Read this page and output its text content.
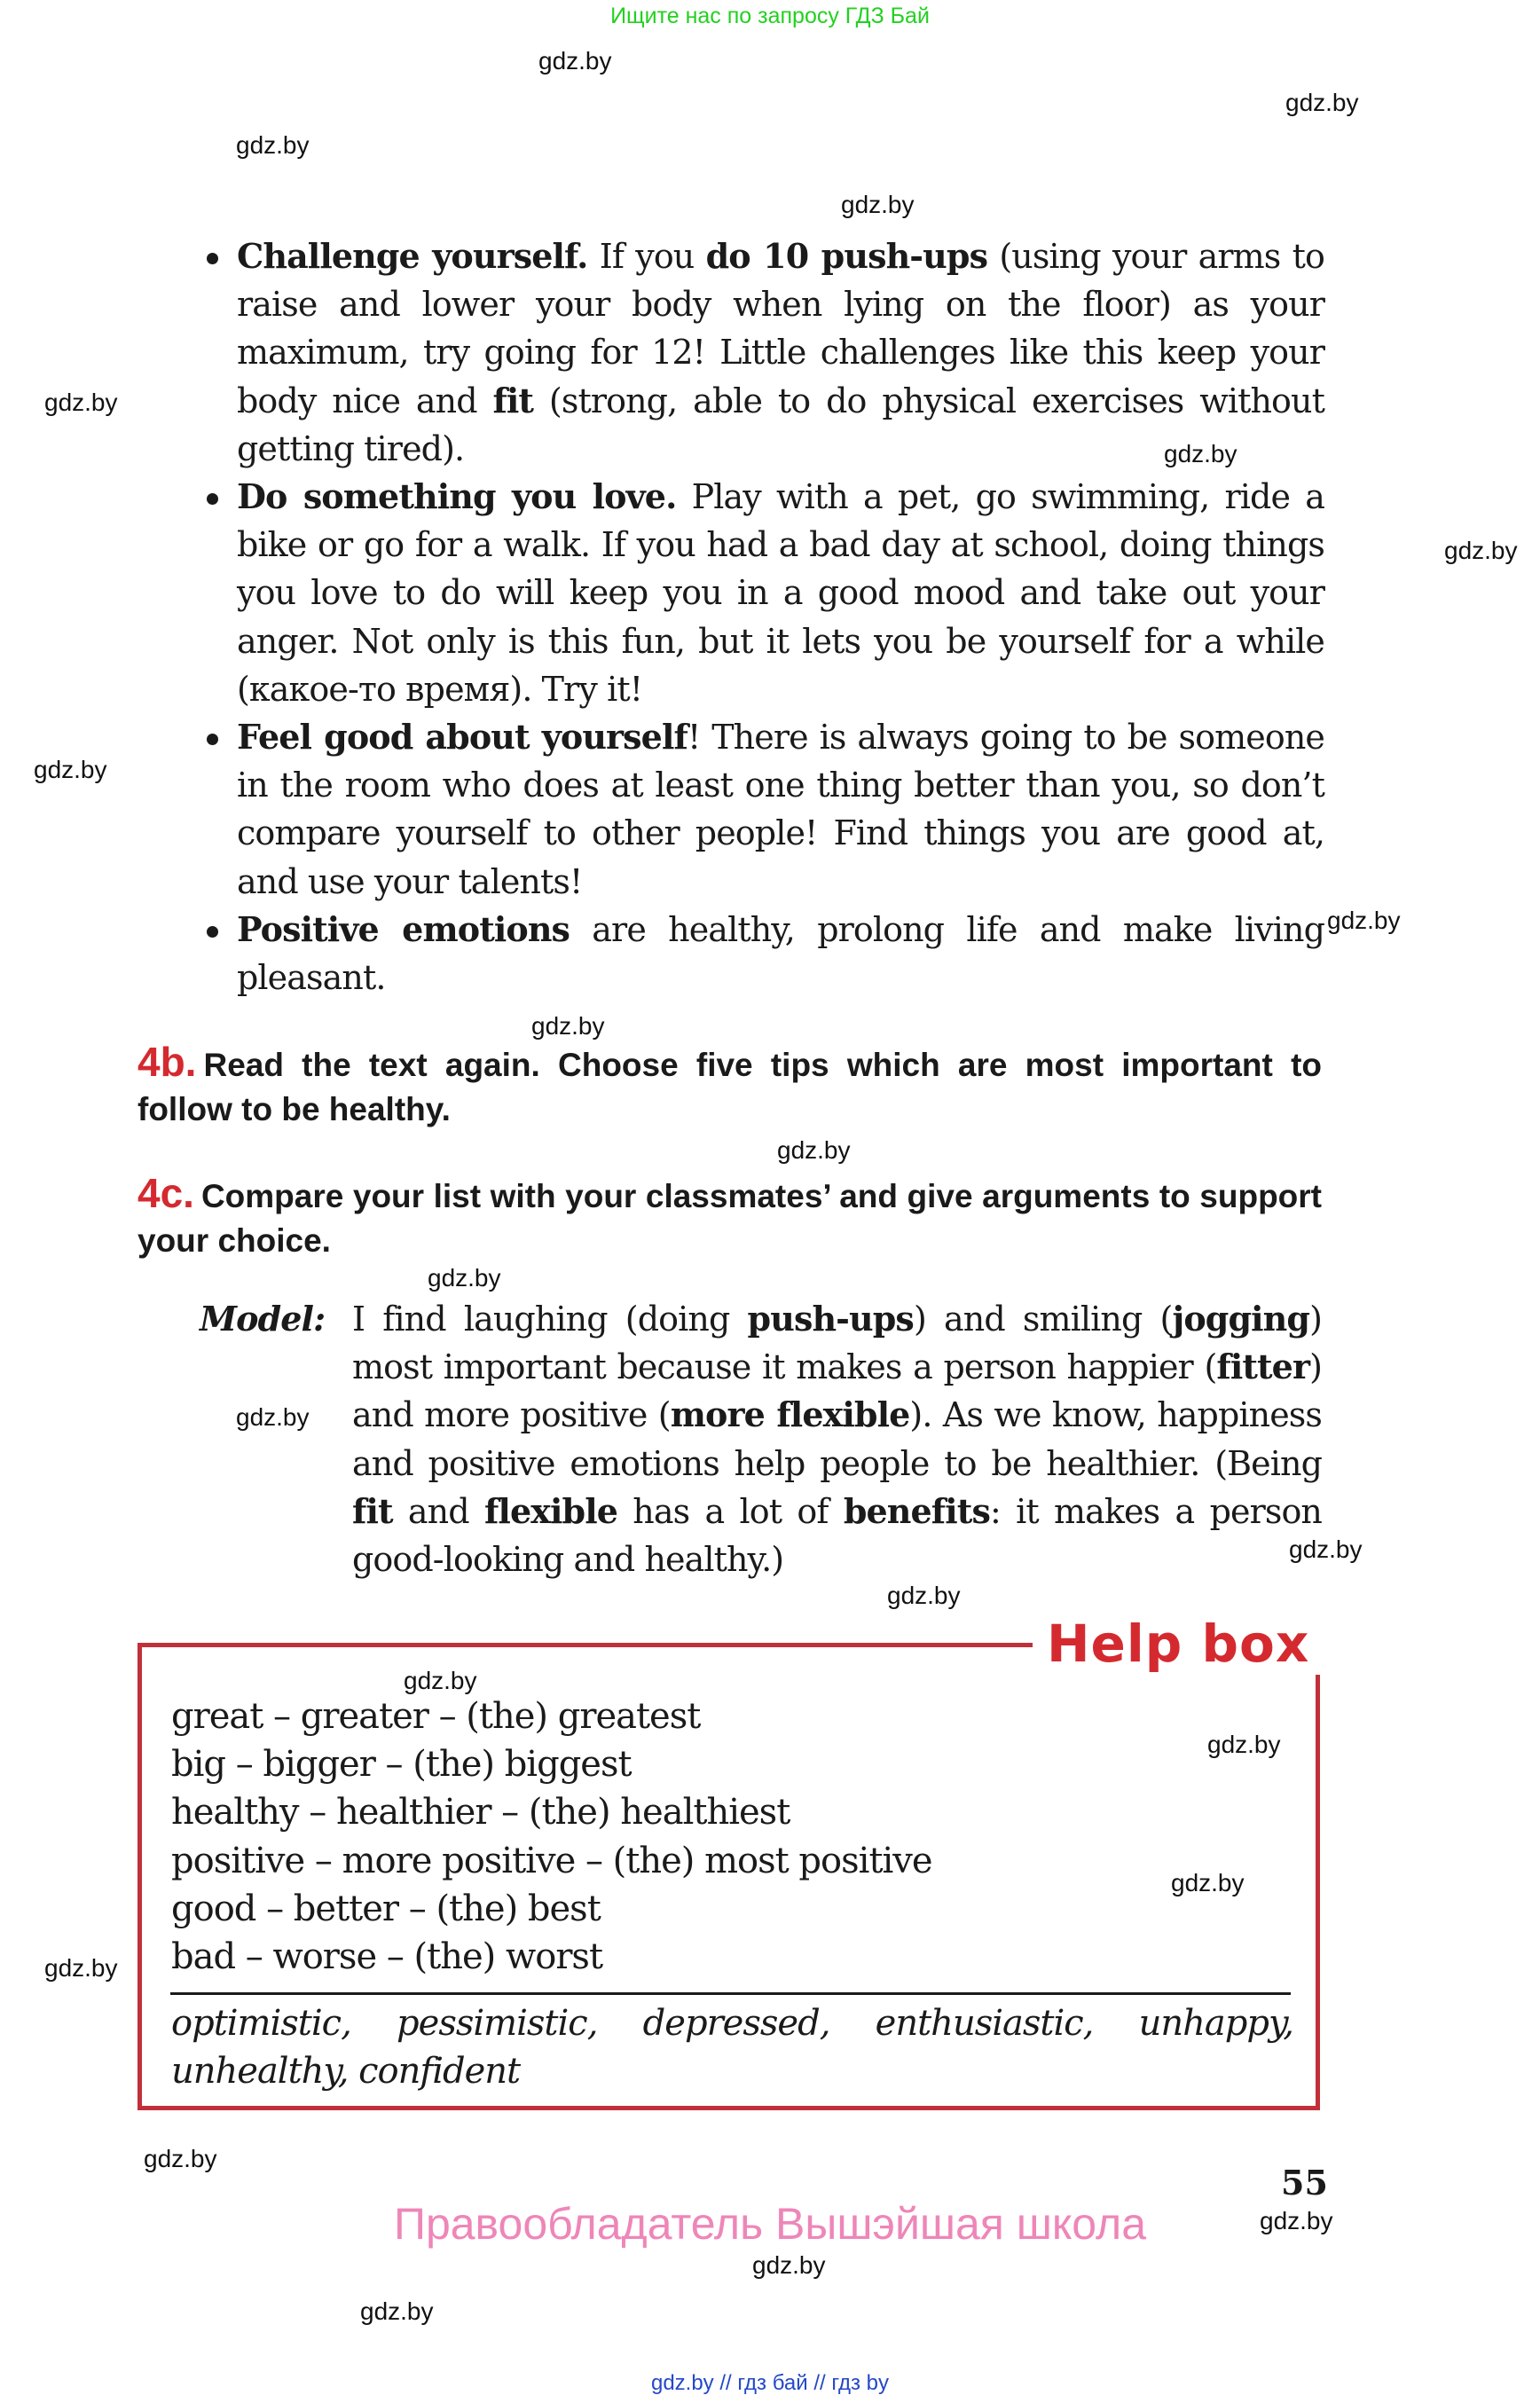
Ищите нас по запросу ГДЗ Бай
gdz.by
gdz.by
gdz.by
gdz.by
gdz.by
gdz.by
gdz.by
gdz.by
gdz.by
gdz.by
gdz.by
gdz.by
gdz.by
gdz.by
gdz.by
gdz.by
gdz.by
gdz.by
gdz.by
gdz.by
gdz.by
gdz.by
gdz.by
Challenge yourself. If you do 10 push-ups (using your arms to raise and lower your body when lying on the floor) as your maximum, try going for 12! Little challenges like this keep your body nice and fit (strong, able to do physical exercises without getting tired).
Do something you love. Play with a pet, go swimming, ride a bike or go for a walk. If you had a bad day at school, doing things you love to do will keep you in a good mood and take out your anger. Not only is this fun, but it lets you be yourself for a while (какое-то время). Try it!
Feel good about yourself! There is always going to be someone in the room who does at least one thing better than you, so don’t compare yourself to other people! Find things you are good at, and use your talents!
Positive emotions are healthy, prolong life and make living pleasant.
4b. Read the text again. Choose five tips which are most important to follow to be healthy.
4c. Compare your list with your classmates’ and give arguments to support your choice.
Model: I find laughing (doing push-ups) and smiling (jogging) most important because it makes a person happier (fitter) and more positive (more flexible). As we know, happiness and positive emotions help people to be healthier. (Being fit and flexible has a lot of benefits: it makes a person good-looking and healthy.)
Help box
great – greater – (the) greatest
big – bigger – (the) biggest
healthy – healthier – (the) healthiest
positive – more positive – (the) most positive
good – better – (the) best
bad – worse – (the) worst
optimistic, pessimistic, depressed, enthusiastic, unhappy, unhealthy, confident
55
Правообладатель Вышэйшая школа
gdz.by // гдз бай // гдз by
